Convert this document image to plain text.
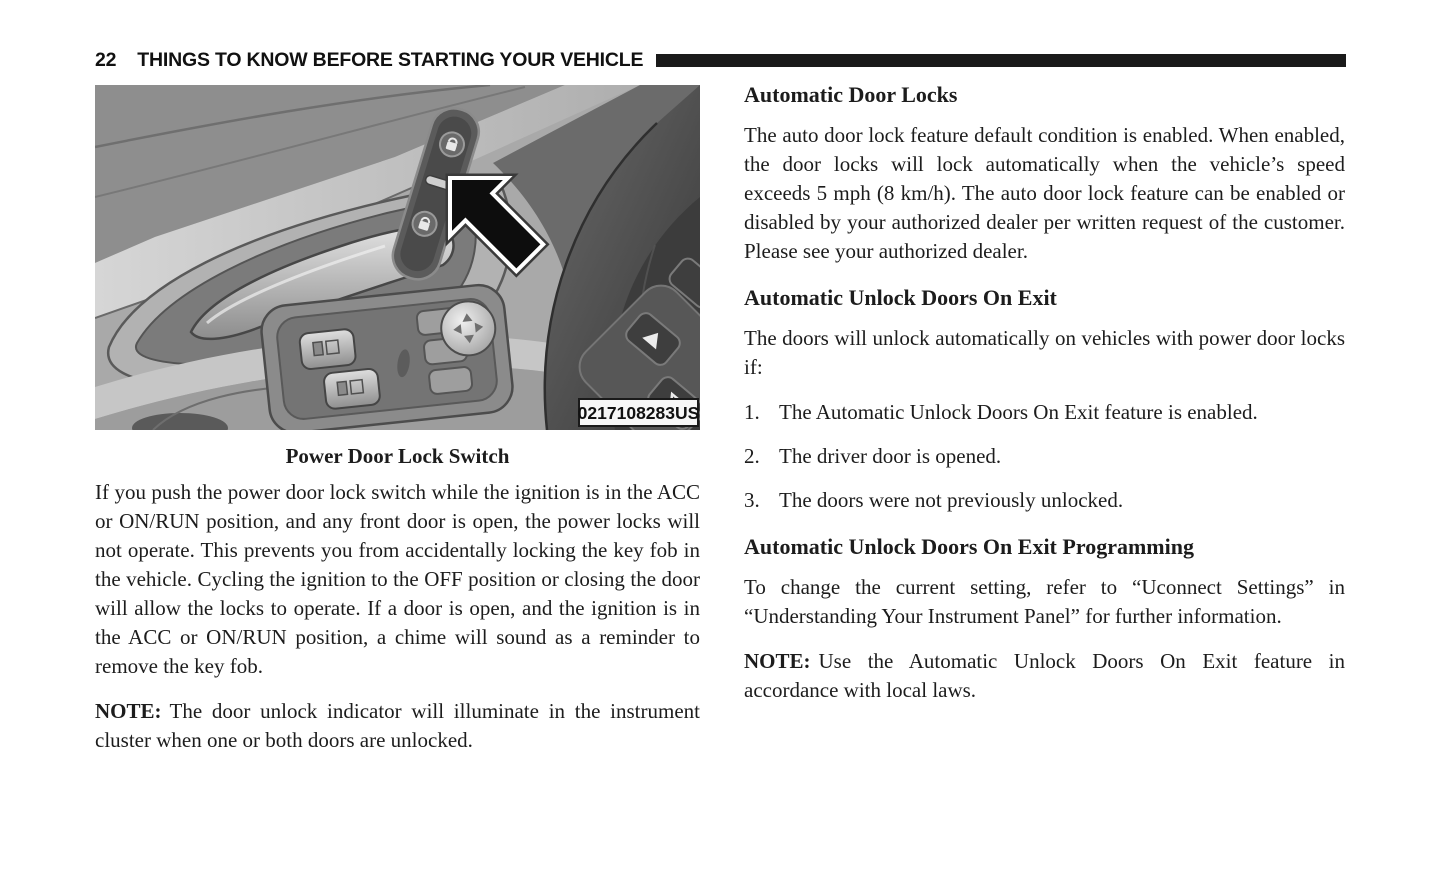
22 THINGS TO KNOW BEFORE STARTING YOUR VEHICLE
0217108283US
Power Door Lock Switch

If you push the power door lock switch while the ignition is in the ACC or ON/RUN position, and any front door is open, the power locks will not operate. This prevents you from accidentally locking the key fob in the vehicle. Cycling the ignition to the OFF position or closing the door will allow the locks to operate. If a door is open, and the ignition is in the ACC or ON/RUN position, a chime will sound as a reminder to remove the key fob.

NOTE: The door unlock indicator will illuminate in the instrument cluster when one or both doors are unlocked.

Automatic Door Locks

The auto door lock feature default condition is enabled. When enabled, the door locks will lock automatically when the vehicle’s speed exceeds 5 mph (8 km/h). The auto door lock feature can be enabled or disabled by your authorized dealer per written request of the customer. Please see your authorized dealer.

Automatic Unlock Doors On Exit

The doors will unlock automatically on vehicles with power door locks if:

1. The Automatic Unlock Doors On Exit feature is enabled.
2. The driver door is opened.
3. The doors were not previously unlocked.
Automatic Unlock Doors On Exit Programming

To change the current setting, refer to “Uconnect Settings” in “Understanding Your Instrument Panel” for further information.

NOTE: Use the Automatic Unlock Doors On Exit feature in accordance with local laws.
